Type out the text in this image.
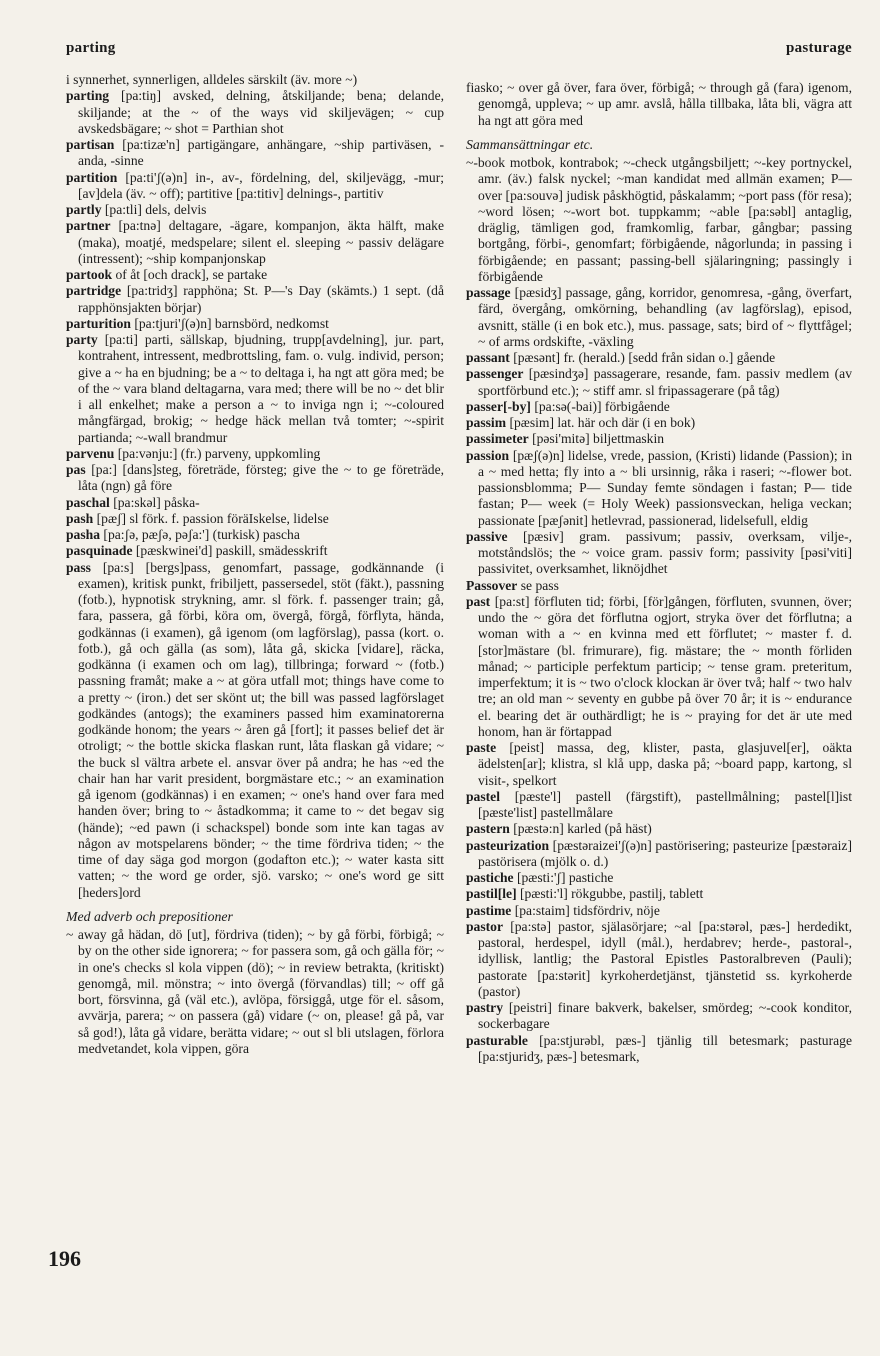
parting	pasturage

i synnerhet, synnerligen, alldeles särskilt (äv. more ~)

parting [pa:tiŋ] avsked, delning, åtskiljande; bena; delande, skiljande; at the ~ of the ways vid skiljevägen; ~ cup avskedsbägare; ~ shot = Parthian shot

partisan [pa:tizæ'n] partigängare, anhängare, ~ship partiväsen, -anda, -sinne

partition [pa:ti'ʃ(ə)n] in-, av-, fördelning, del, skiljevägg, -mur; [av]dela (äv. ~ off); partitive [pa:titiv] delnings-, partitiv

partly [pa:tli] dels, delvis

partner [pa:tnə] deltagare, -ägare, kompanjon, äkta hälft, make (maka), moatjé, medspelare; silent el. sleeping ~ passiv delägare (intressent); ~ship kompanjonskap

partook of åt [och drack], se partake

partridge [pa:tridʒ] rapphöna; St. P—'s Day (skämts.) 1 sept. (då rapphönsjakten börjar)

parturition [pa:tjuri'ʃ(ə)n] barnsbörd, nedkomst

party [pa:ti] parti, sällskap, bjudning, trupp[avdelning], jur. part, kontrahent, intressent, medbrottsling, fam. o. vulg. individ, person; give a ~ ha en bjudning; be a ~ to deltaga i, ha ngt att göra med; be of the ~ vara bland deltagarna, vara med; there will be no ~ det blir i all enkelhet; make a person a ~ to inviga ngn i; ~-coloured mångfärgad, brokig; ~ hedge häck mellan två tomter; ~-spirit partianda; ~-wall brandmur

parvenu [pa:vənju:] (fr.) parveny, uppkomling

pas [pa:] [dans]steg, företräde, försteg; give the ~ to ge företräde, låta (ngn) gå före

paschal [pa:skəl] påska-

pash [pæʃ] sl förk. f. passion föräIskelse, lidelse

pasha [pa:ʃə, pæʃə, pəʃa:'] (turkisk) pascha

pasquinade [pæskwinei'd] paskill, smädesskrift

pass [pa:s] [bergs]pass, genomfart, passage, godkännande (i examen), kritisk punkt, fribiljett, passersedel, stöt (fäkt.), passning (fotb.), hypnotisk strykning, amr. sl förk. f. passenger train; gå, fara, passera, gå förbi, köra om, övergå, förgå, förflyta, hända, godkännas (i examen), gå igenom (om lagförslag), passa (kort. o. fotb.), gå och gälla (as som), låta gå, skicka [vidare], räcka, godkänna (i examen och om lag), tillbringa; forward ~ (fotb.) passning framåt; make a ~ at göra utfall mot; things have come to a pretty ~ (iron.) det ser skönt ut; the bill was passed lagförslaget godkändes (antogs); the examiners passed him examinatorerna godkände honom; the years ~ åren gå [fort]; it passes belief det är otroligt; ~ the bottle skicka flaskan runt, låta flaskan gå vidare; ~ the buck sl vältra arbete el. ansvar över på andra; he has ~ed the chair han har varit president, borgmästare etc.; ~ an examination gå igenom (godkännas) i en examen; ~ one's hand over fara med handen över; bring to ~ åstadkomma; it came to ~ det begav sig (hände); ~ed pawn (i schackspel) bonde som inte kan tagas av någon av motspelarens bönder; ~ the time fördriva tiden; ~ the time of day säga god morgon (godafton etc.); ~ water kasta sitt vatten; ~ the word ge order, sjö. varsko; ~ one's word ge sitt [heders]ord

Med adverb och prepositioner

~ away gå hädan, dö [ut], fördriva (tiden); ~ by gå förbi, förbigå; ~ by on the other side ignorera; ~ for passera som, gå och gälla för; ~ in one's checks sl kola vippen (dö); ~ in review betrakta, (kritiskt) genomgå, mil. mönstra; ~ into övergå (förvandlas) till; ~ off gå bort, försvinna, gå (väl etc.), avlöpa, försiggå, utge för el. såsom, avvärja, parera; ~ on passera (gå) vidare (~ on, please! gå på, var så god!), låta gå vidare, berätta vidare; ~ out sl bli utslagen, förlora medvetandet, kola vippen, göra

fiasko; ~ over gå över, fara över, förbigå; ~ through gå (fara) igenom, genomgå, uppleva; ~ up amr. avslå, hålla tillbaka, låta bli, vägra att ha ngt att göra med

Sammansättningar etc.

~-book motbok, kontrabok; ~-check utgångsbiljett; ~-key portnyckel, amr. (äv.) falsk nyckel; ~man kandidat med allmän examen; P— over [pa:souvə] judisk påskhögtid, påskalamm; ~port pass (för resa); ~word lösen; ~-wort bot. tuppkamm; ~able [pa:səbl] antaglig, dräglig, tämligen god, framkomlig, farbar, gångbar; passing bortgång, förbi-, genomfart; förbigående, någorlunda; in passing i förbigående; en passant; passing-bell själaringning; passingly i förbigående

passage [pæsidʒ] passage, gång, korridor, genomresa, -gång, överfart, färd, övergång, omkörning, behandling (av lagförslag), episod, avsnitt, ställe (i en bok etc.), mus. passage, sats; bird of ~ flyttfågel; ~ of arms ordskifte, -växling

passant [pæsənt] fr. (herald.) [sedd från sidan o.] gående

passenger [pæsindʒə] passagerare, resande, fam. passiv medlem (av sportförbund etc.); ~ stiff amr. sl fripassagerare (på tåg)

passer[-by] [pa:sə(-bai)] förbigående

passim [pæsim] lat. här och där (i en bok)

passimeter [pəsi'mitə] biljettmaskin

passion [pæʃ(ə)n] lidelse, vrede, passion, (Kristi) lidande (Passion); in a ~ med hetta; fly into a ~ bli ursinnig, råka i raseri; ~-flower bot. passionsblomma; P— Sunday femte söndagen i fastan; P— tide fastan; P— week (= Holy Week) passionsveckan, heliga veckan; passionate [pæʃənit] hetlevrad, passionerad, lidelsefull, eldig

passive [pæsiv] gram. passivum; passiv, overksam, vilje-, motståndslös; the ~ voice gram. passiv form; passivity [pəsi'viti] passivitet, overksamhet, liknöjdhet

Passover se pass

past [pa:st] förfluten tid; förbi, [för]gången, förfluten, svunnen, över; undo the ~ göra det förflutna ogjort, stryka över det förflutna; a woman with a ~ en kvinna med ett förflutet; ~ master f. d. [stor]mästare (bl. frimurare), fig. mästare; the ~ month förliden månad; ~ participle perfektum particip; ~ tense gram. preteritum, imperfektum; it is ~ two o'clock klockan är över två; half ~ two halv tre; an old man ~ seventy en gubbe på över 70 år; it is ~ endurance el. bearing det är outhärdligt; he is ~ praying for det är ute med honom, han är förtappad

paste [peist] massa, deg, klister, pasta, glasjuvel[er], oäkta ädelsten[ar]; klistra, sl klå upp, daska på; ~board papp, kartong, sl visit-, spelkort

pastel [pæste'l] pastell (färgstift), pastellmålning; pastel[l]ist [pæste'list] pastellmålare

pastern [pæstə:n] karled (på häst)

pasteurization [pæstəraizei'ʃ(ə)n] pastörisering; pasteurize [pæstəraiz] pastörisera (mjölk o. d.)

pastiche [pæsti:'ʃ] pastiche

pastil[le] [pæsti:'l] rökgubbe, pastilj, tablett

pastime [pa:staim] tidsfördriv, nöje

pastor [pa:stə] pastor, själasörjare; ~al [pa:stərəl, pæs-] herdedikt, pastoral, herdespel, idyll (mål.), herdabrev; herde-, pastoral-, idyllisk, lantlig; the Pastoral Epistles Pastoralbreven (Pauli); pastorate [pa:stərit] kyrkoherdetjänst, tjänstetid ss. kyrkoherde (pastor)

pastry [peistri] finare bakverk, bakelser, smördeg; ~-cook konditor, sockerbagare

pasturable [pa:stjurəbl, pæs-] tjänlig till betesmark; pasturage [pa:stjuridʒ, pæs-] betesmark,

196
